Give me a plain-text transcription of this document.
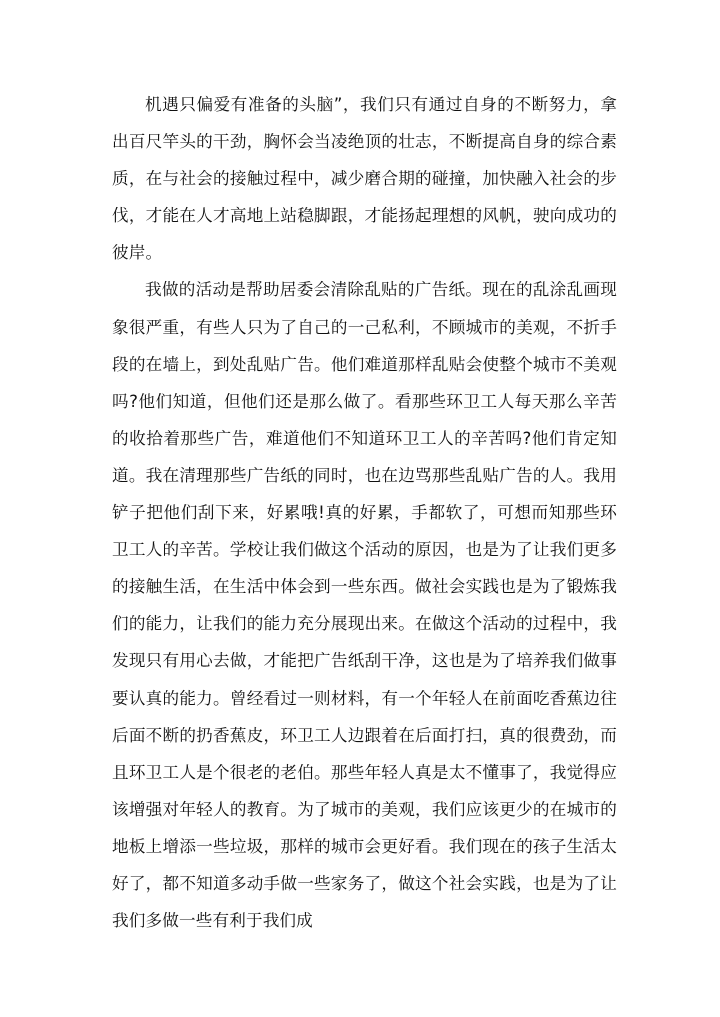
机遇只偏爱有准备的头脑”，我们只有通过自身的不断努力，拿出百尺竿头的干劲，胸怀会当凌绝顶的壮志，不断提高自身的综合素质，在与社会的接触过程中，减少磨合期的碰撞，加快融入社会的步伐，才能在人才高地上站稳脚跟，才能扬起理想的风帆，驶向成功的彼岸。

我做的活动是帮助居委会清除乱贴的广告纸。现在的乱涂乱画现象很严重，有些人只为了自己的一己私利，不顾城市的美观，不折手段的在墙上，到处乱贴广告。他们难道那样乱贴会使整个城市不美观吗?他们知道，但他们还是那么做了。看那些环卫工人每天那么辛苦的收拾着那些广告，难道他们不知道环卫工人的辛苦吗?他们肯定知道。我在清理那些广告纸的同时，也在边骂那些乱贴广告的人。我用铲子把他们刮下来，好累哦!真的好累，手都软了，可想而知那些环卫工人的辛苦。学校让我们做这个活动的原因，也是为了让我们更多的接触生活，在生活中体会到一些东西。做社会实践也是为了锻炼我们的能力，让我们的能力充分展现出来。在做这个活动的过程中，我发现只有用心去做，才能把广告纸刮干净，这也是为了培养我们做事要认真的能力。曾经看过一则材料，有一个年轻人在前面吃香蕉边往后面不断的扔香蕉皮，环卫工人边跟着在后面打扫，真的很费劲，而且环卫工人是个很老的老伯。那些年轻人真是太不懂事了，我觉得应该增强对年轻人的教育。为了城市的美观，我们应该更少的在城市的地板上增添一些垃圾，那样的城市会更好看。我们现在的孩子生活太好了，都不知道多动手做一些家务了，做这个社会实践，也是为了让我们多做一些有利于我们成
